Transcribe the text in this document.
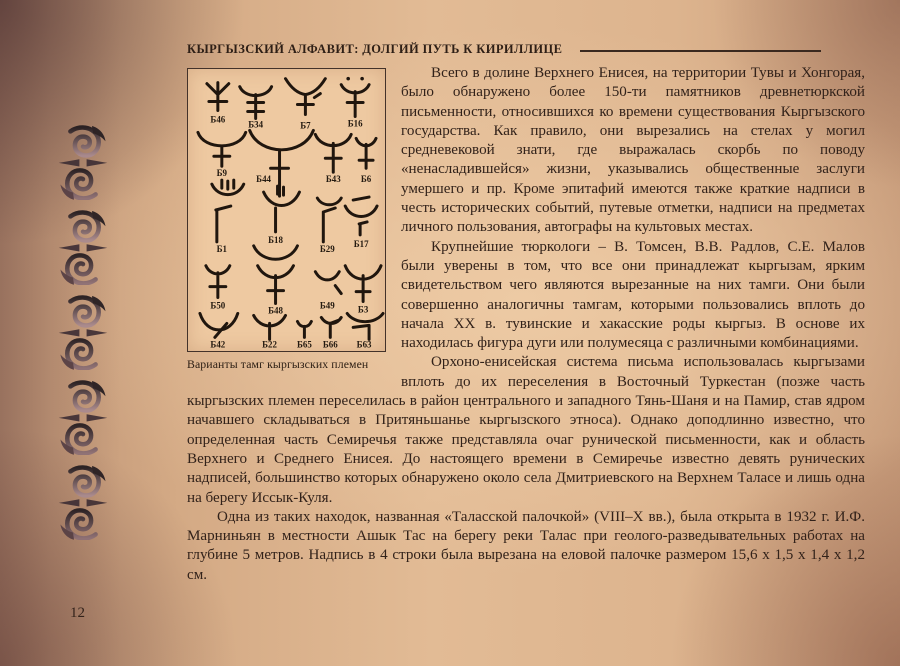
КЫРГЫЗСКИЙ АЛФАВИТ: ДОЛГИЙ ПУТЬ К КИРИЛЛИЦЕ
Б46	Б34	Б7	Б16
Б9
Б44	Б43 Б6
Б1
Б18
Б29 Б17
Б50	Б48	Б49	Б3
Б42	Б22 Б65 Б66 Б63
Варианты тамг кыргызских племен

Всего в долине Верхнего Енисея, на территории Тувы и Хонгорая, было обнаружено более 150-ти памятников древнетюркской письменности, относившихся ко времени существования Кыргызского государства. Как правило, они вырезались на стелах у могил средневековой знати, где выражалась скорбь по поводу «ненасладившейся» жизни, указывались общественные заслуги умершего и пр. Кроме эпитафий имеются также краткие надписи в честь исторических событий, путевые отметки, надписи на предметах личного пользования, автографы на культовых местах.

Крупнейшие тюркологи – В. Томсен, В.В. Радлов, С.Е. Малов были уверены в том, что все они принадлежат кыргызам, ярким свидетельством чего являются вырезанные на них тамги. Они были совершенно аналогичны тамгам, которыми пользовались вплоть до начала XX в. тувинские и хакасские роды кыргыз. В основе их находилась фигура дуги или полумесяца с различными комбинациями.

Орхоно-енисейская система письма использовалась кыргызами вплоть до их переселения в Восточный Туркестан (позже часть кыргызских племен переселилась в район центрального и западного Тянь-Шаня и на Памир, став ядром начавшего складываться в Притяньшанье кыргызского этноса). Однако доподлинно известно, что определенная часть Семиречья также представляла очаг рунической письменности, как и область Верхнего и Среднего Енисея. До настоящего времени в Семиречье известно девять рунических надписей, большинство которых обнаружено около села Дмитриевского на Верхнем Таласе и лишь одна на берегу Иссык-Куля.

Одна из таких находок, названная «Таласской палочкой» (VIII–X вв.), была открыта в 1932 г. И.Ф. Марниньян в местности Ашык Тас на берегу реки Талас при геолого-разведывательных работах на глубине 5 метров. Надпись в 4 строки была вырезана на еловой палочке размером 15,6 х 1,5 х 1,4 х 1,2 см.

12
